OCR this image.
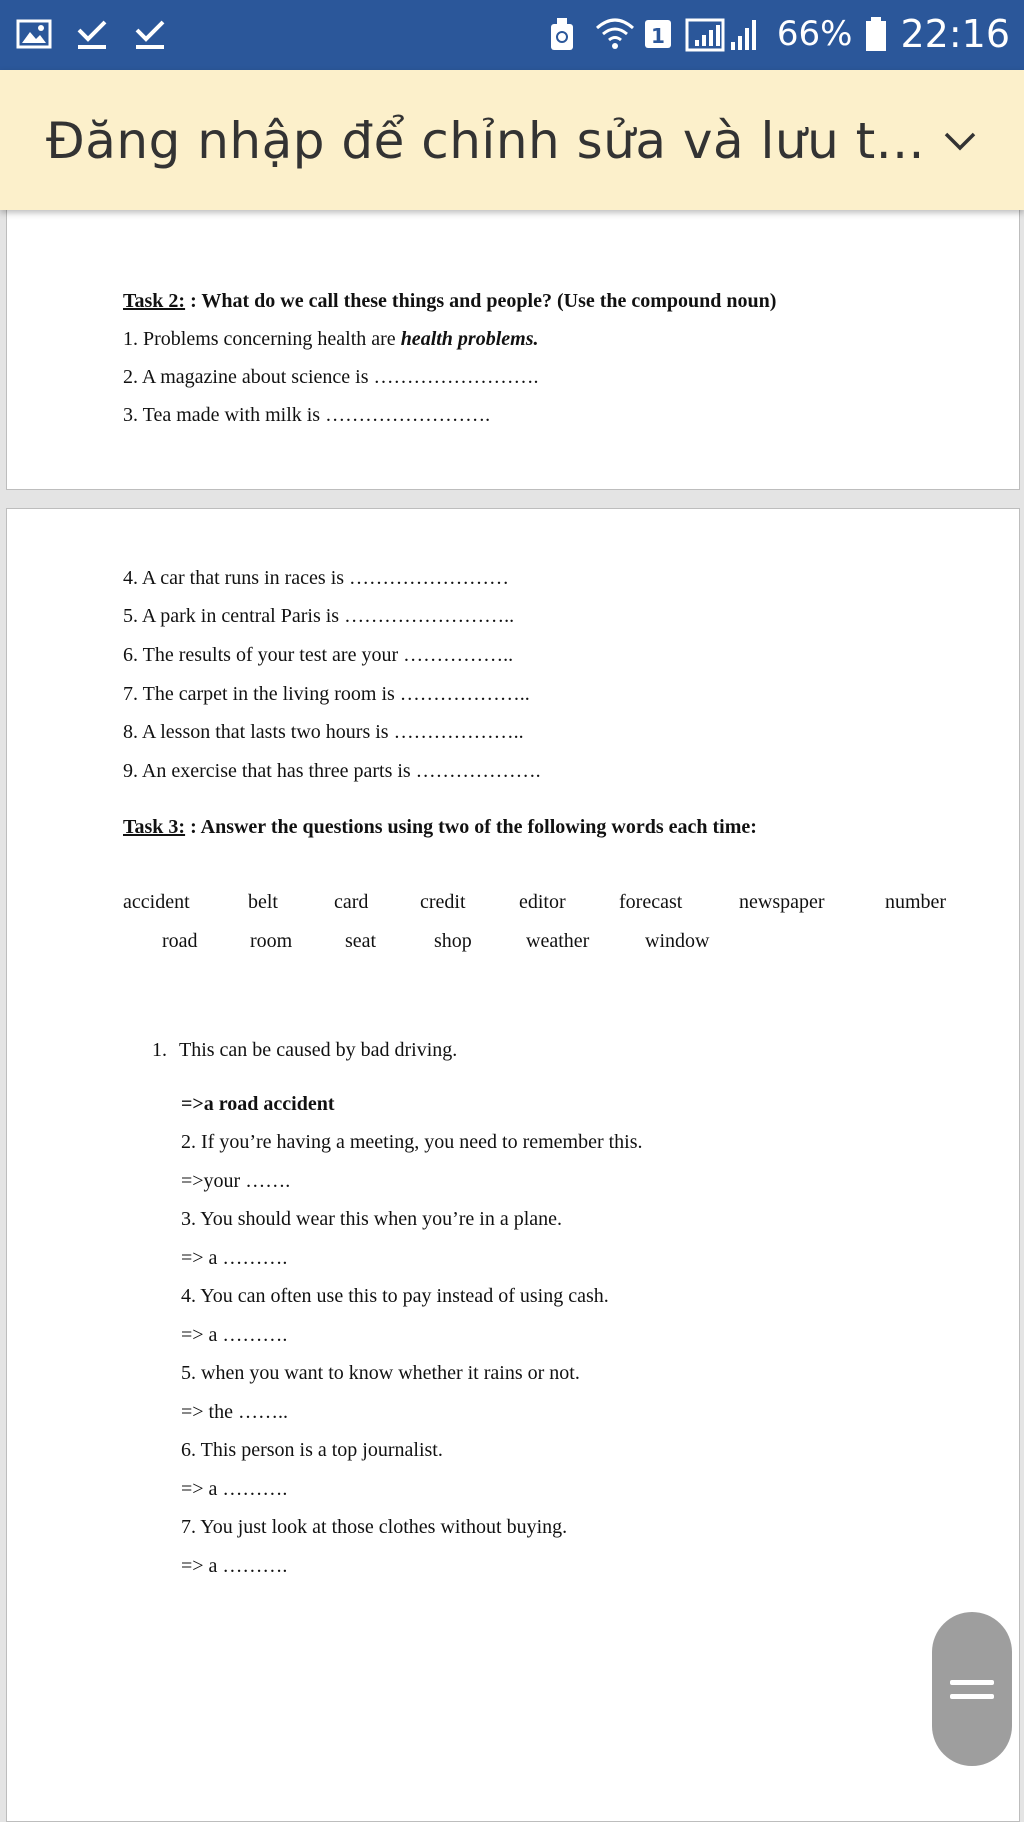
1	66% 22:16
Đăng nhập để chỉnh sửa và lưu t...
Task 2: : What do we call these things and people? (Use the compound noun)
1. Problems concerning health are health problems.
2. A magazine about science is …………………….
3. Tea made with milk is …………………….
4. A car that runs in races is ……………………
5. A park in central Paris is ……………………..
6. The results of your test are your ……………..
7. The carpet in the living room is ………………..
8. A lesson that lasts two hours is ………………..
9. An exercise that has three parts is ……………….
Task 3: : Answer the questions using two of the following words each time:
accident	belt	card	credit	editor	forecast	newspaper	number
road	room	seat	shop	weather	window
1. This can be caused by bad driving.
=>a road accident
2. If you’re having a meeting, you need to remember this.
=>your …….
3. You should wear this when you’re in a plane.
=> a ……….
4. You can often use this to pay instead of using cash.
=> a ……….
5. when you want to know whether it rains or not.
=> the ……..
6. This person is a top journalist.
=> a ……….
7. You just look at those clothes without buying.
=> a ……….
